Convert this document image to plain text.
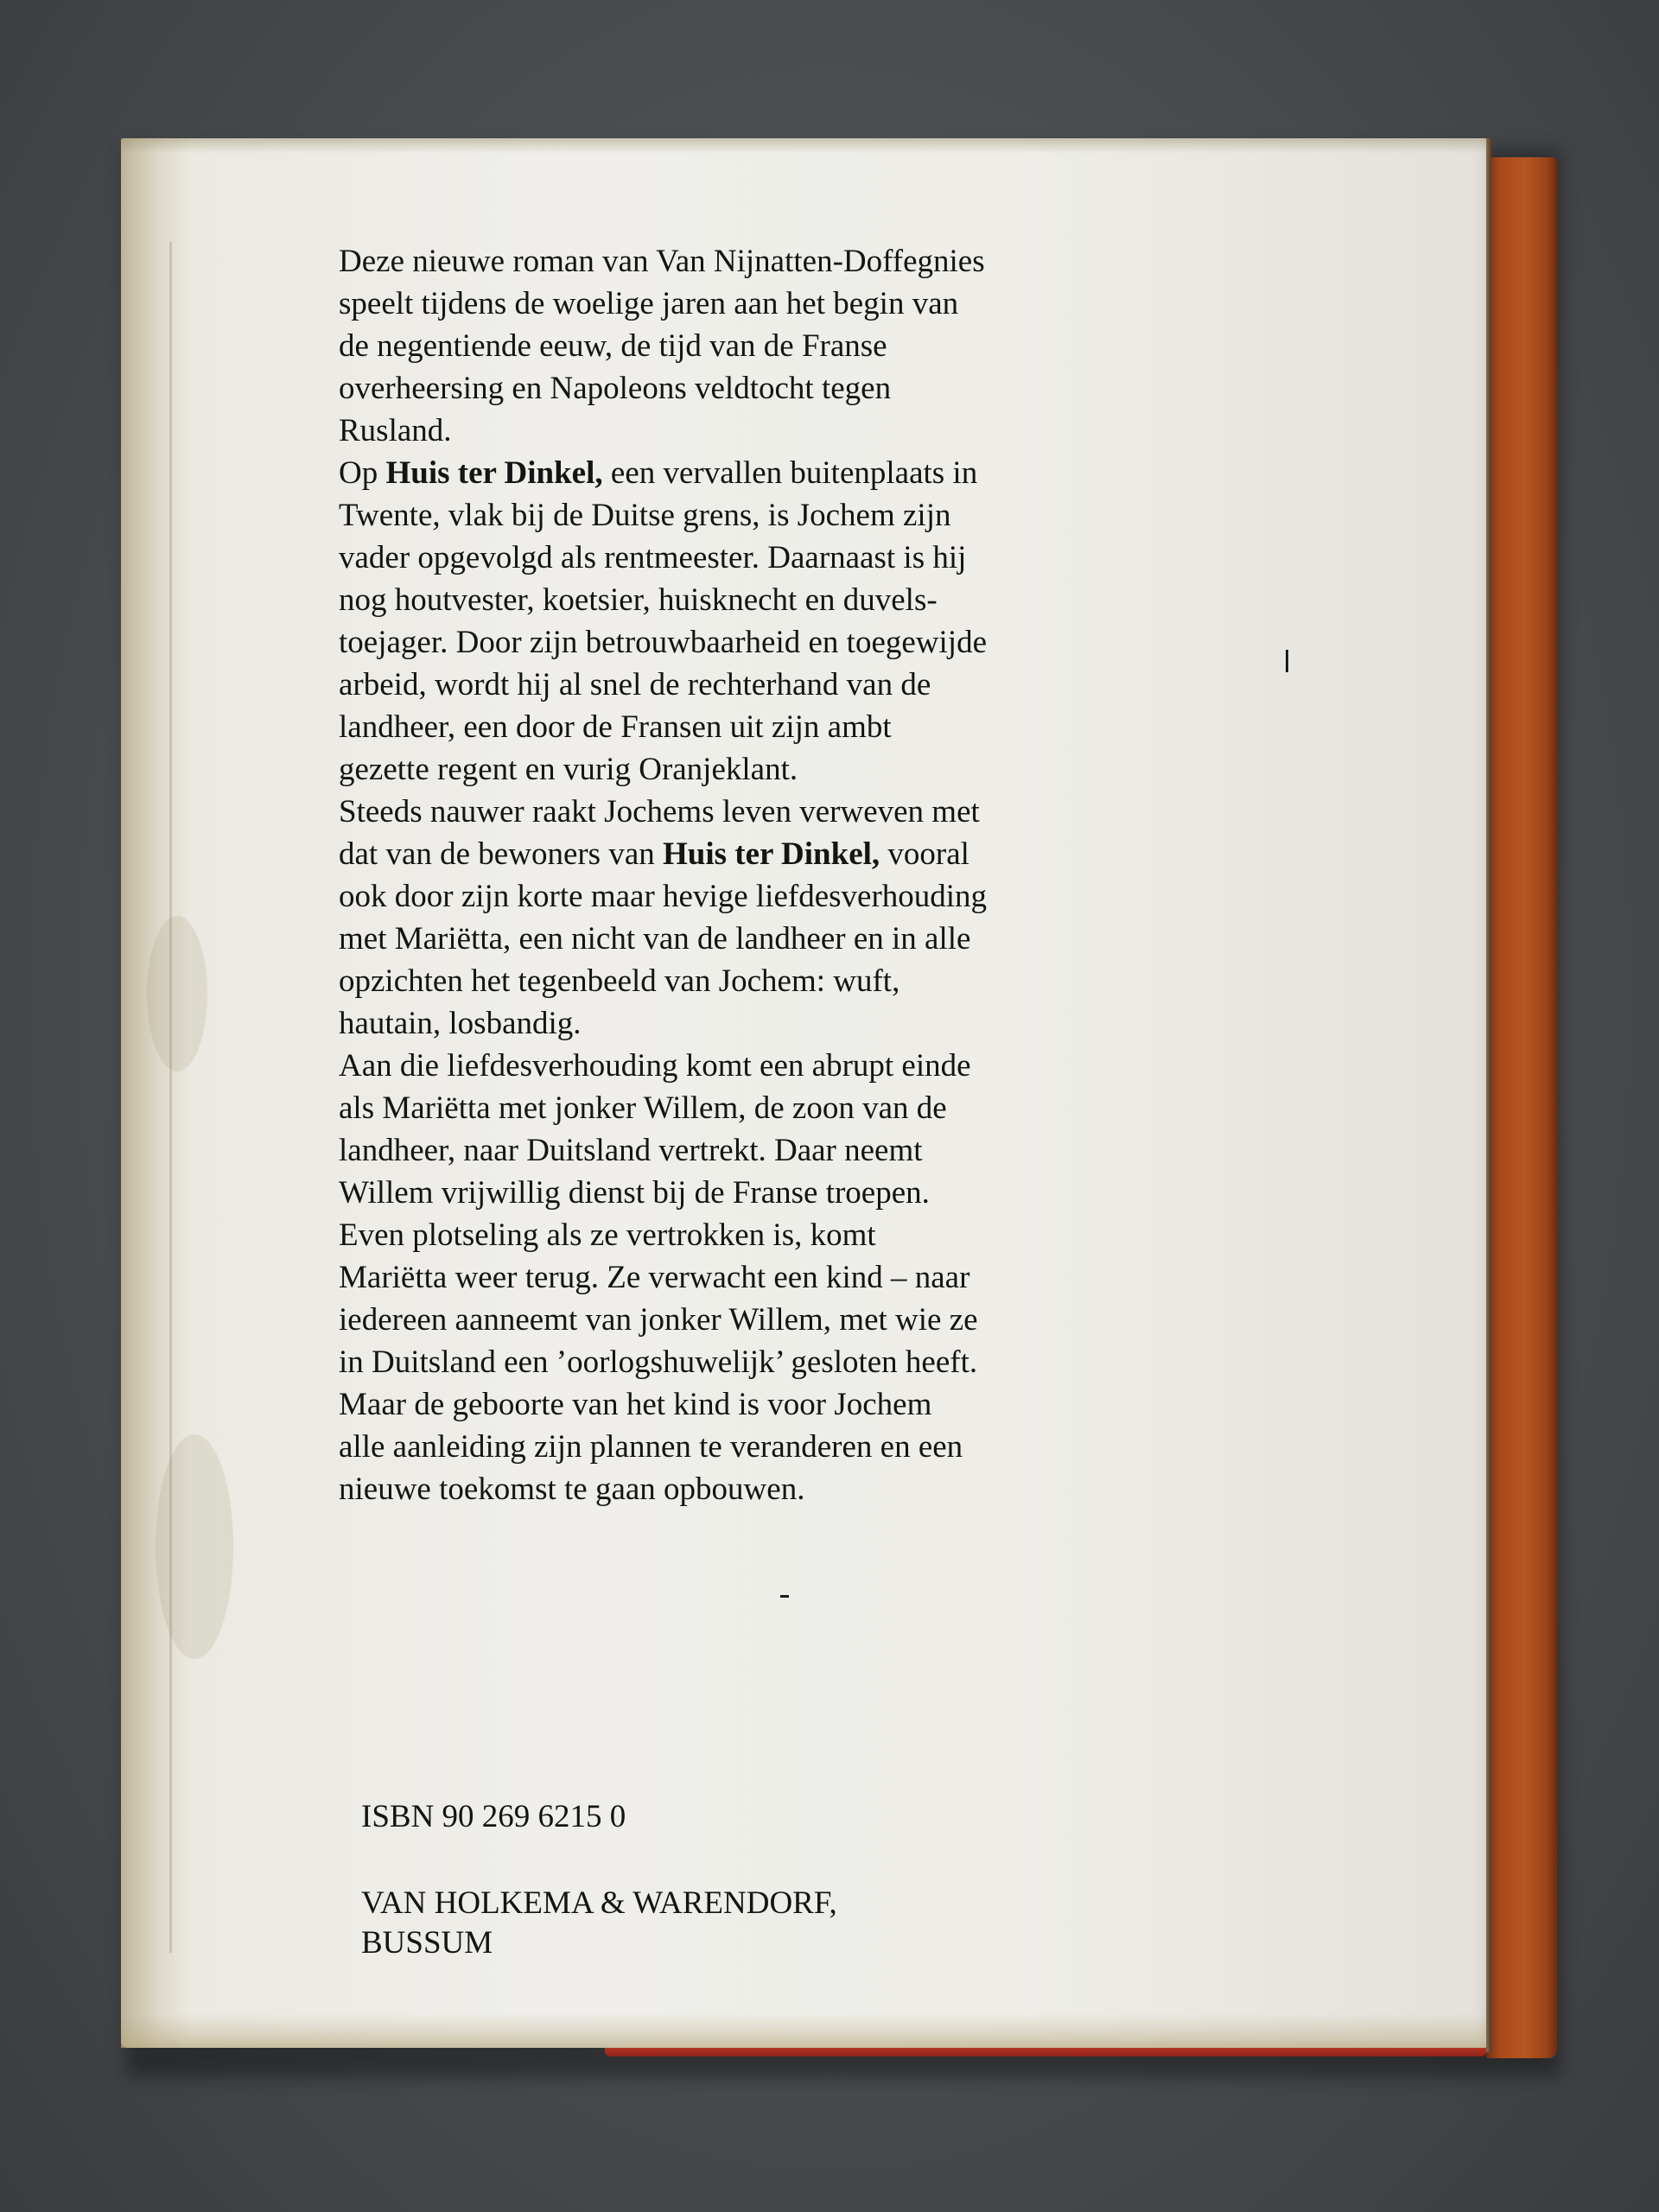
Deze nieuwe roman van Van Nijnatten-Doffegnies
speelt tijdens de woelige jaren aan het begin van
de negentiende eeuw, de tijd van de Franse
overheersing en Napoleons veldtocht tegen
Rusland.
Op Huis ter Dinkel, een vervallen buitenplaats in
Twente, vlak bij de Duitse grens, is Jochem zijn
vader opgevolgd als rentmeester. Daarnaast is hij
nog houtvester, koetsier, huisknecht en duvels-
toejager. Door zijn betrouwbaarheid en toegewijde
arbeid, wordt hij al snel de rechterhand van de
landheer, een door de Fransen uit zijn ambt
gezette regent en vurig Oranjeklant.
Steeds nauwer raakt Jochems leven verweven met
dat van de bewoners van Huis ter Dinkel, vooral
ook door zijn korte maar hevige liefdesverhouding
met Mariëtta, een nicht van de landheer en in alle
opzichten het tegenbeeld van Jochem: wuft,
hautain, losbandig.
Aan die liefdesverhouding komt een abrupt einde
als Mariëtta met jonker Willem, de zoon van de
landheer, naar Duitsland vertrekt. Daar neemt
Willem vrijwillig dienst bij de Franse troepen.
Even plotseling als ze vertrokken is, komt
Mariëtta weer terug. Ze verwacht een kind – naar
iedereen aanneemt van jonker Willem, met wie ze
in Duitsland een ’oorlogshuwelijk’ gesloten heeft.
Maar de geboorte van het kind is voor Jochem
alle aanleiding zijn plannen te veranderen en een
nieuwe toekomst te gaan opbouwen.
ISBN 90 269 6215 0
VAN HOLKEMA & WARENDORF,
BUSSUM
